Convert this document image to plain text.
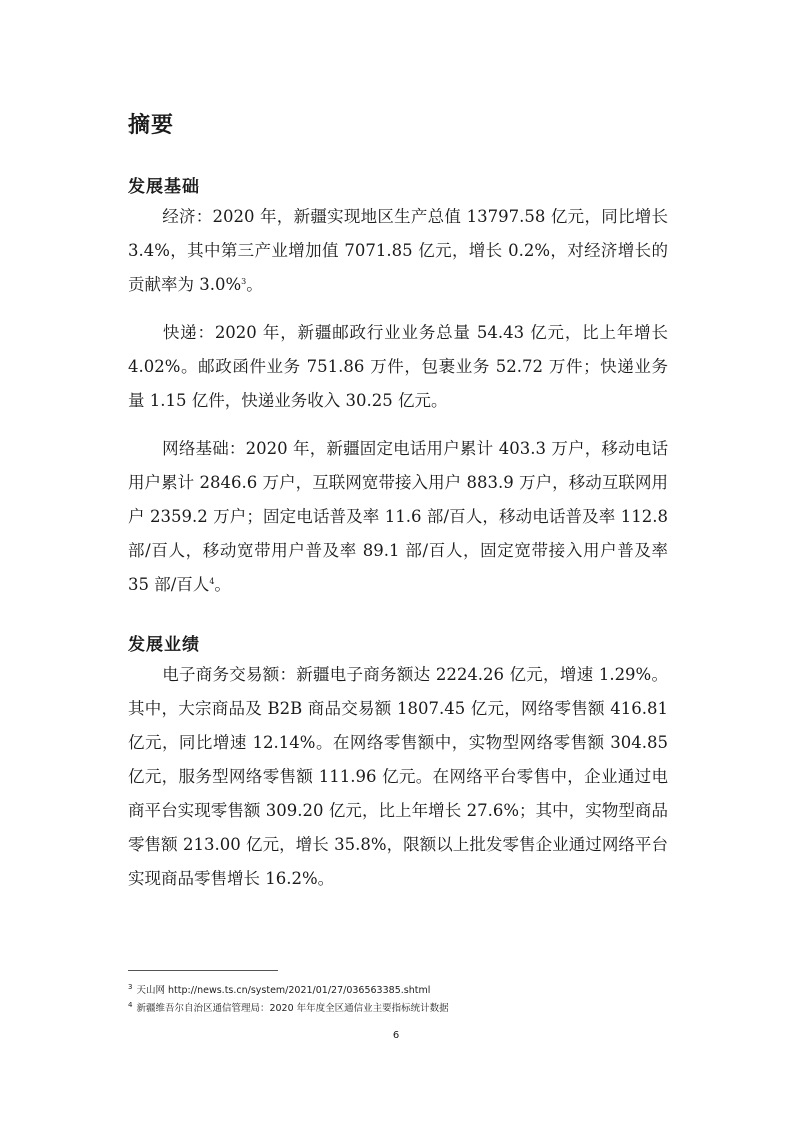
摘要
发展基础

经济：2020 年，新疆实现地区生产总值 13797.58 亿元，同比增长 3.4%，其中第三产业增加值 7071.85 亿元，增长 0.2%，对经济增长的贡献率为 3.0%$^3$。

快递：2020 年，新疆邮政行业业务总量 54.43 亿元，比上年增长 4.02%。邮政函件业务 751.86 万件，包裹业务 52.72 万件；快递业务量 1.15 亿件，快递业务收入 30.25 亿元。

网络基础：2020 年，新疆固定电话用户累计 403.3 万户，移动电话用户累计 2846.6 万户，互联网宽带接入用户 883.9 万户，移动互联网用户 2359.2 万户；固定电话普及率 11.6 部/百人，移动电话普及率 112.8 部/百人，移动宽带用户普及率 89.1 部/百人，固定宽带接入用户普及率 35 部/百人$^4$。

发展业绩

电子商务交易额：新疆电子商务额达 2224.26 亿元，增速 1.29%。其中，大宗商品及 B2B 商品交易额 1807.45 亿元，网络零售额 416.81 亿元，同比增速 12.14%。在网络零售额中，实物型网络零售额 304.85 亿元，服务型网络零售额 111.96 亿元。在网络平台零售中，企业通过电商平台实现零售额 309.20 亿元，比上年增长 27.6%；其中，实物型商品零售额 213.00 亿元，增长 35.8%，限额以上批发零售企业通过网络平台实现商品零售增长 16.2%。

$^3$ 天山网 http://news.ts.cn/system/2021/01/27/036563385.shtml

$^4$ 新疆维吾尔自治区通信管理局：2020 年年度全区通信业主要指标统计数据

6
